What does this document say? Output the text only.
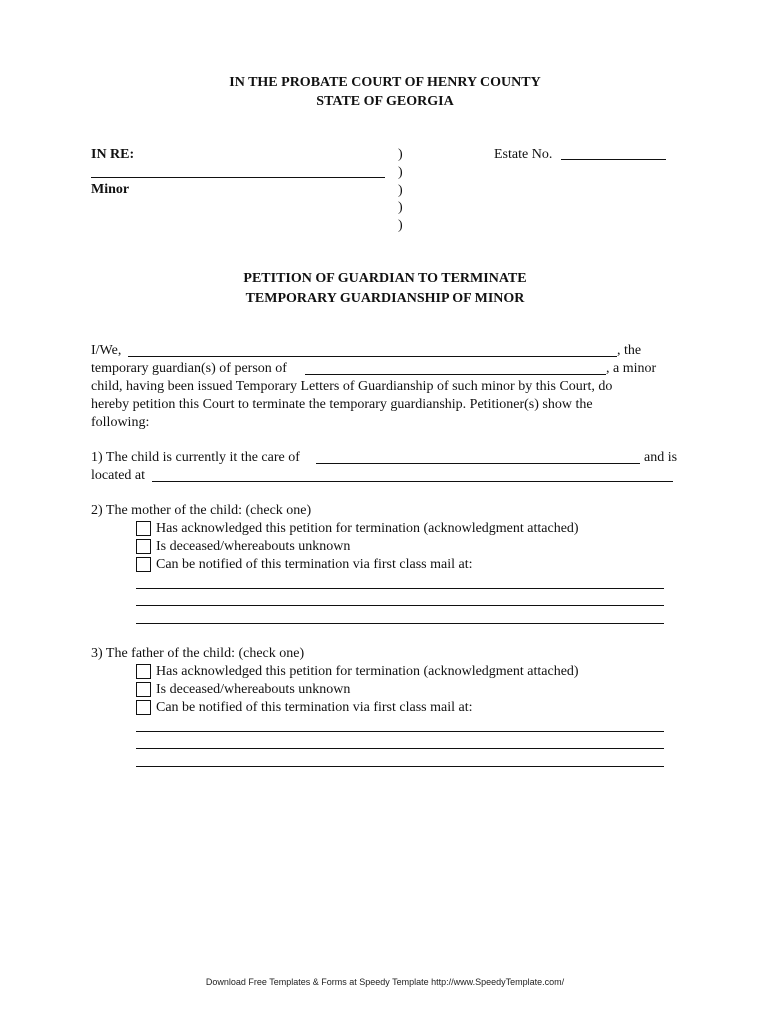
IN THE PROBATE COURT OF HENRY COUNTY
STATE OF GEORGIA
IN RE:
Minor
)
)
)
)
)
Estate No.
PETITION OF GUARDIAN TO TERMINATE
TEMPORARY GUARDIANSHIP OF MINOR
I/We,	, the
temporary guardian(s) of person of	, a minor
child, having been issued Temporary Letters of Guardianship of such minor by this Court, do
hereby petition this Court to terminate the temporary guardianship. Petitioner(s) show the
following:
1) The child is currently it the care of	and is
located at
2) The mother of the child: (check one)
Has acknowledged this petition for termination (acknowledgment attached)
Is deceased/whereabouts unknown
Can be notified of this termination via first class mail at:
3) The father of the child: (check one)
Has acknowledged this petition for termination (acknowledgment attached)
Is deceased/whereabouts unknown
Can be notified of this termination via first class mail at:
Download Free Templates & Forms at Speedy Template http://www.SpeedyTemplate.com/
